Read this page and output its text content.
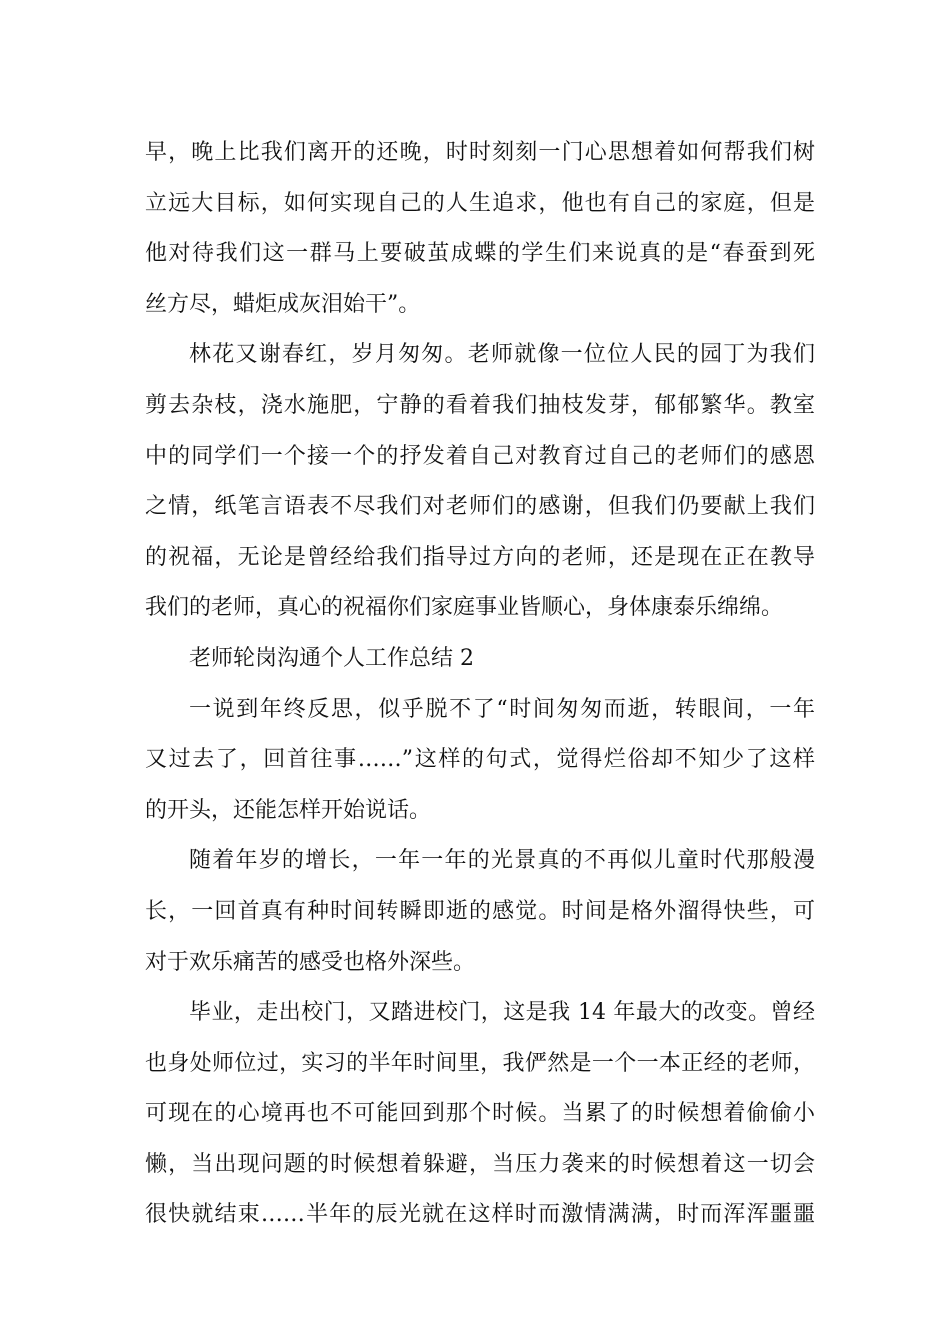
早，晚上比我们离开的还晚，时时刻刻一门心思想着如何帮我们树
立远大目标，如何实现自己的人生追求，他也有自己的家庭，但是
他对待我们这一群马上要破茧成蝶的学生们来说真的是“春蚕到死
丝方尽，蜡炬成灰泪始干”。
林花又谢春红，岁月匆匆。老师就像一位位人民的园丁为我们
剪去杂枝，浇水施肥，宁静的看着我们抽枝发芽，郁郁繁华。教室
中的同学们一个接一个的抒发着自己对教育过自己的老师们的感恩
之情，纸笔言语表不尽我们对老师们的感谢，但我们仍要献上我们
的祝福，无论是曾经给我们指导过方向的老师，还是现在正在教导
我们的老师，真心的祝福你们家庭事业皆顺心，身体康泰乐绵绵。
老师轮岗沟通个人工作总结 2
一说到年终反思，似乎脱不了“时间匆匆而逝，转眼间，一年
又过去了，回首往事……”这样的句式，觉得烂俗却不知少了这样
的开头，还能怎样开始说话。
随着年岁的增长，一年一年的光景真的不再似儿童时代那般漫
长，一回首真有种时间转瞬即逝的感觉。时间是格外溜得快些，可
对于欢乐痛苦的感受也格外深些。
毕业，走出校门，又踏进校门，这是我 14 年最大的改变。曾经
也身处师位过，实习的半年时间里，我俨然是一个一本正经的老师，
可现在的心境再也不可能回到那个时候。当累了的时候想着偷偷小
懒，当出现问题的时候想着躲避，当压力袭来的时候想着这一切会
很快就结束……半年的辰光就在这样时而激情满满，时而浑浑噩噩
